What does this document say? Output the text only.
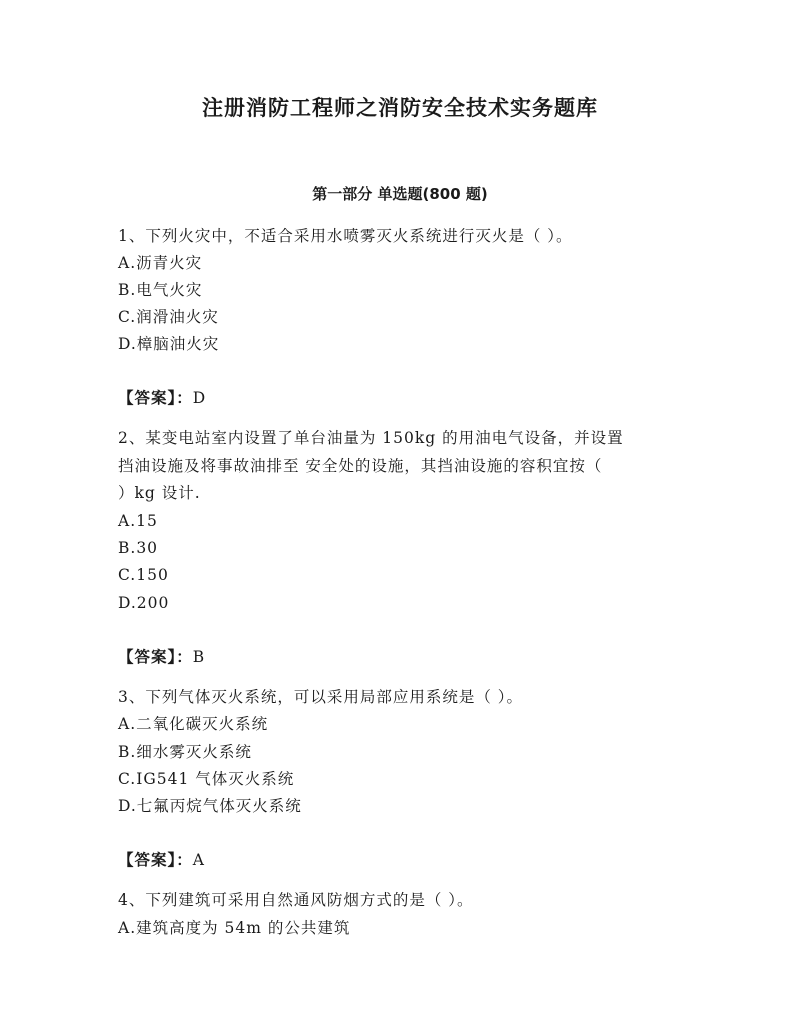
注册消防工程师之消防安全技术实务题库
第一部分 单选题(800 题)

1、下列火灾中，不适合采用水喷雾灭火系统进行灭火是（ ）。

A.沥青火灾

B.电气火灾

C.润滑油火灾

D.樟脑油火灾

【答案】：D

2、某变电站室内设置了单台油量为 150kg 的用油电气设备，并设置

挡油设施及将事故油排至 安全处的设施，其挡油设施的容积宜按（

）kg 设计.

A.15

B.30

C.150

D.200

【答案】：B

3、下列气体灭火系统，可以采用局部应用系统是（ ）。

A.二氧化碳灭火系统

B.细水雾灭火系统

C.IG541 气体灭火系统

D.七氟丙烷气体灭火系统

【答案】：A

4、下列建筑可采用自然通风防烟方式的是（ ）。

A.建筑高度为 54m 的公共建筑
